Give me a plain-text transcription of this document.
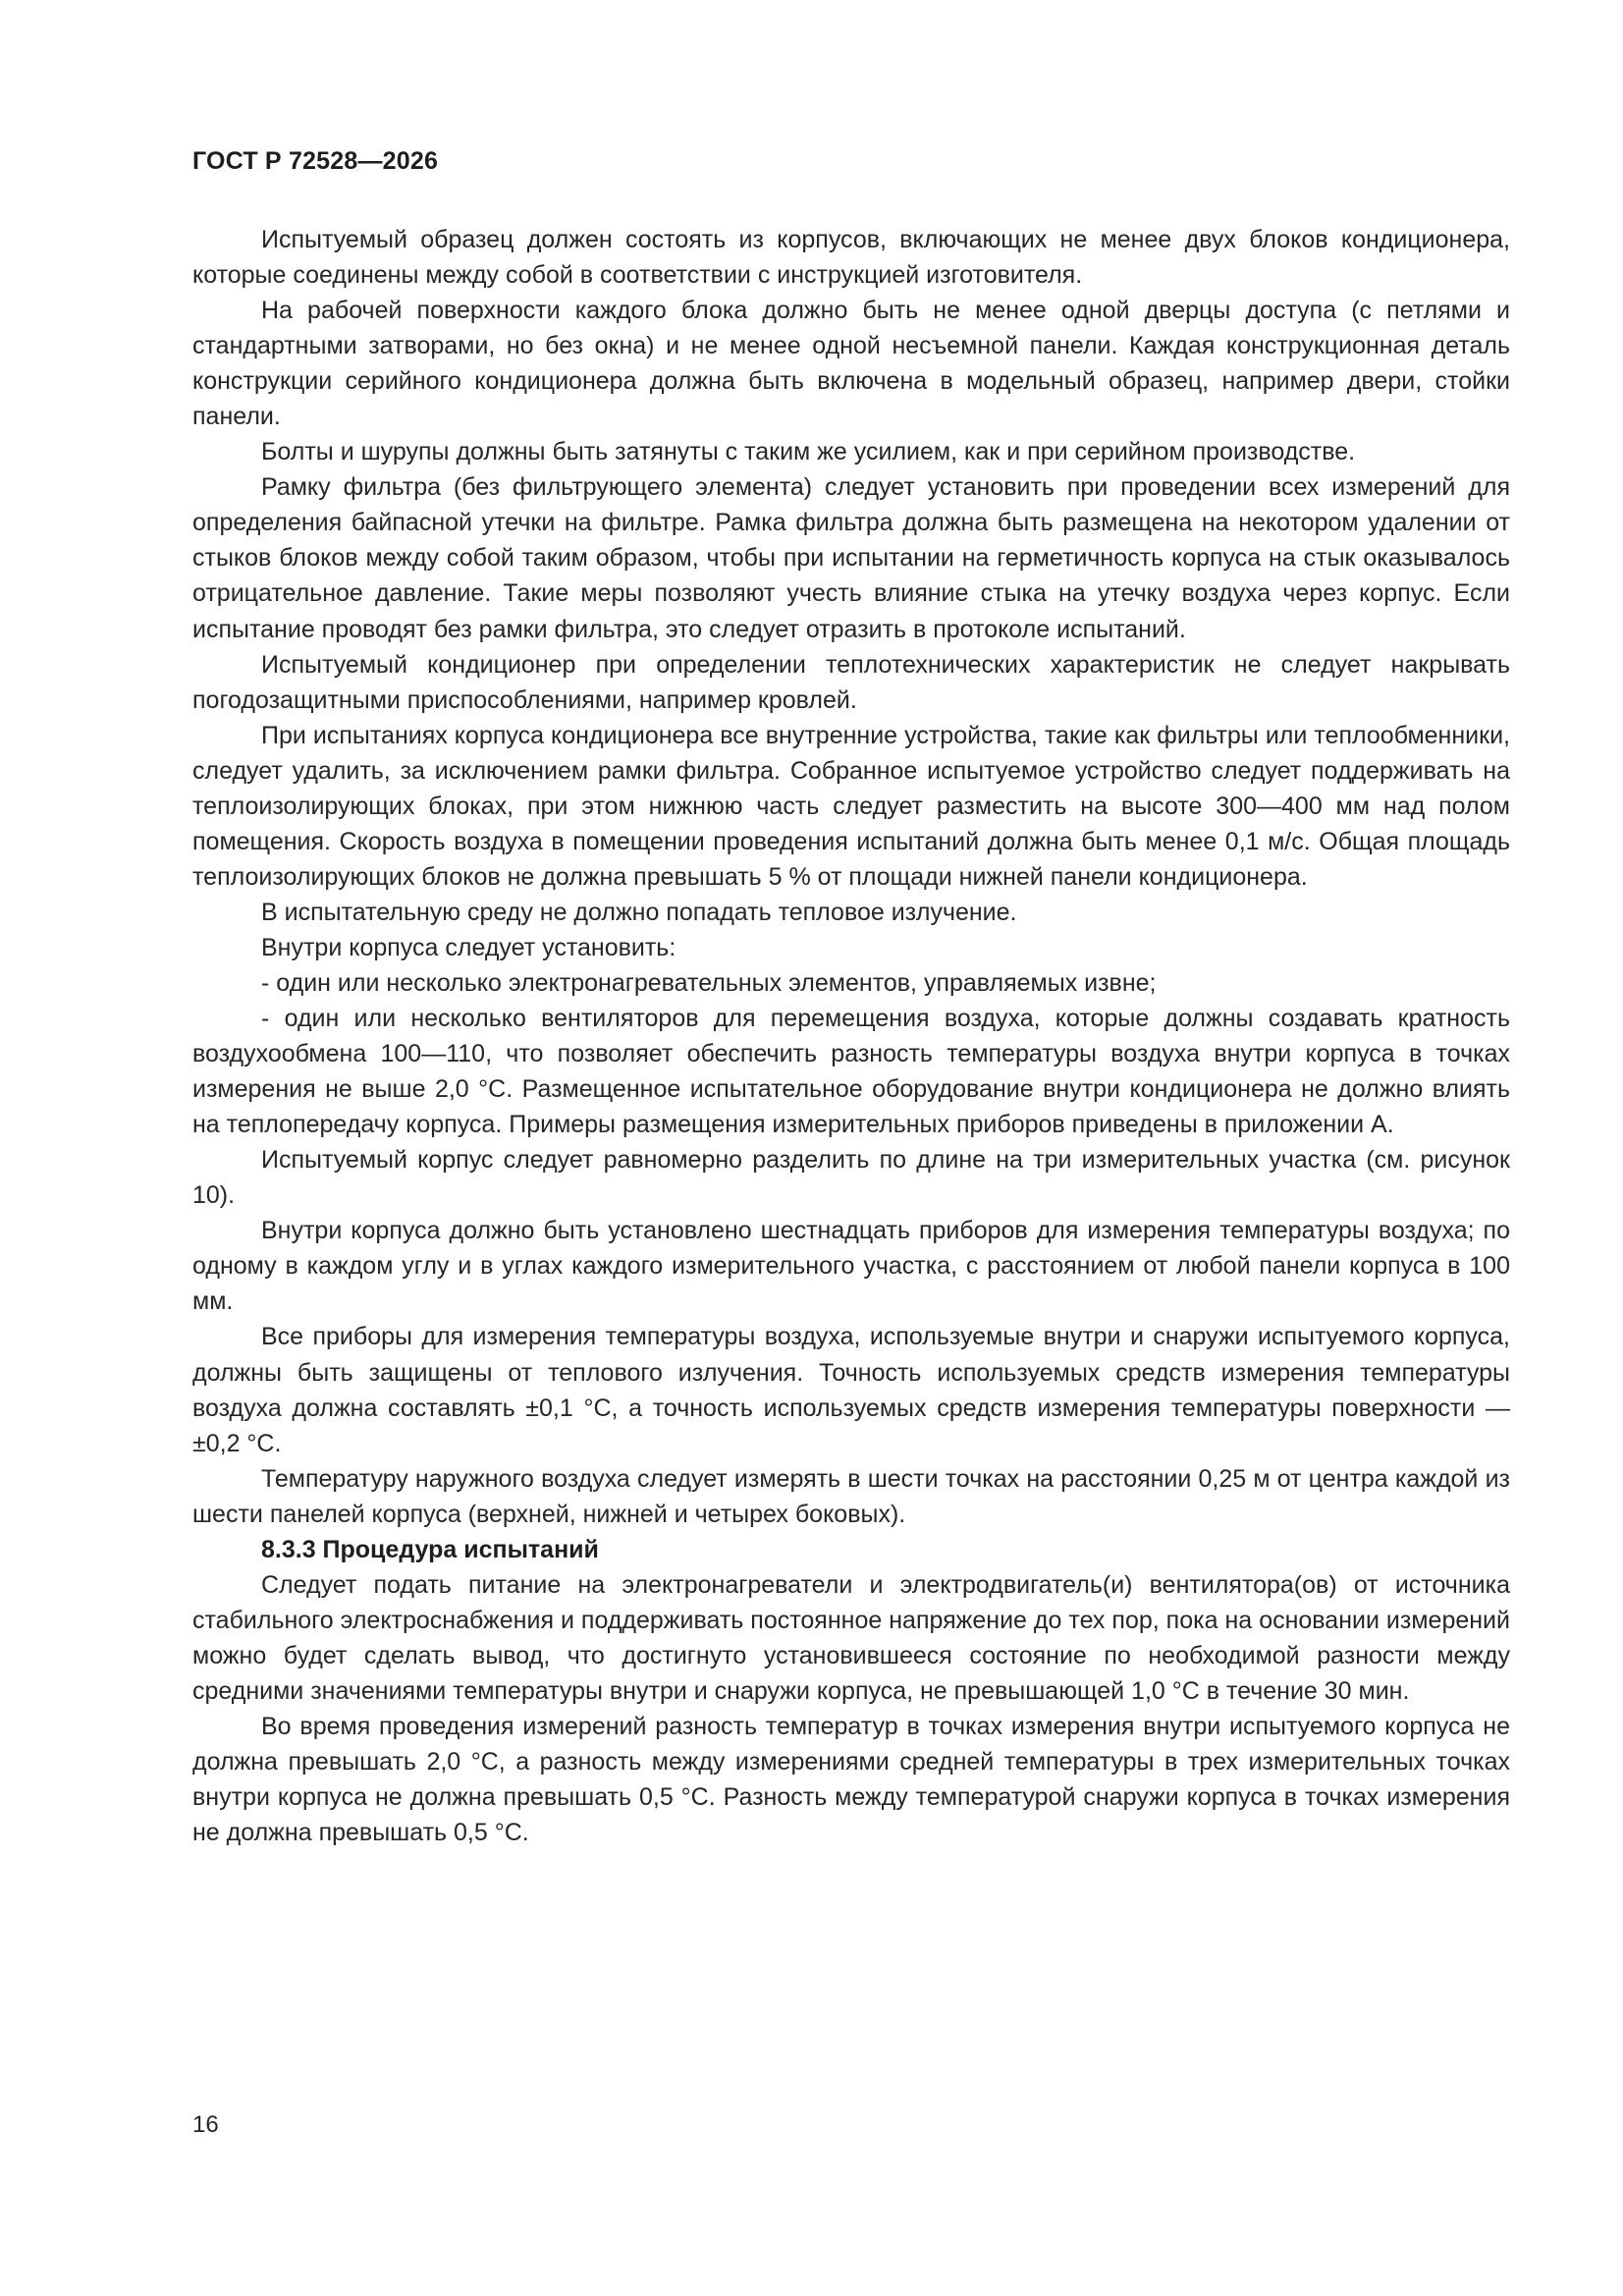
ГОСТ Р 72528—2026

Испытуемый образец должен состоять из корпусов, включающих не менее двух блоков кондиционера, которые соединены между собой в соответствии с инструкцией изготовителя.

На рабочей поверхности каждого блока должно быть не менее одной дверцы доступа (с петлями и стандартными затворами, но без окна) и не менее одной несъемной панели. Каждая конструкционная деталь конструкции серийного кондиционера должна быть включена в модельный образец, например двери, стойки панели.

Болты и шурупы должны быть затянуты с таким же усилием, как и при серийном производстве.

Рамку фильтра (без фильтрующего элемента) следует установить при проведении всех измерений для определения байпасной утечки на фильтре. Рамка фильтра должна быть размещена на некотором удалении от стыков блоков между собой таким образом, чтобы при испытании на герметичность корпуса на стык оказывалось отрицательное давление. Такие меры позволяют учесть влияние стыка на утечку воздуха через корпус. Если испытание проводят без рамки фильтра, это следует отразить в протоколе испытаний.

Испытуемый кондиционер при определении теплотехнических характеристик не следует накрывать погодозащитными приспособлениями, например кровлей.

При испытаниях корпуса кондиционера все внутренние устройства, такие как фильтры или теплообменники, следует удалить, за исключением рамки фильтра. Собранное испытуемое устройство следует поддерживать на теплоизолирующих блоках, при этом нижнюю часть следует разместить на высоте 300—400 мм над полом помещения. Скорость воздуха в помещении проведения испытаний должна быть менее 0,1 м/с. Общая площадь теплоизолирующих блоков не должна превышать 5 % от площади нижней панели кондиционера.

В испытательную среду не должно попадать тепловое излучение.

Внутри корпуса следует установить:

- один или несколько электронагревательных элементов, управляемых извне;

- один или несколько вентиляторов для перемещения воздуха, которые должны создавать кратность воздухообмена 100—110, что позволяет обеспечить разность температуры воздуха внутри корпуса в точках измерения не выше 2,0 °С. Размещенное испытательное оборудование внутри кондиционера не должно влиять на теплопередачу корпуса. Примеры размещения измерительных приборов приведены в приложении А.

Испытуемый корпус следует равномерно разделить по длине на три измерительных участка (см. рисунок 10).

Внутри корпуса должно быть установлено шестнадцать приборов для измерения температуры воздуха; по одному в каждом углу и в углах каждого измерительного участка, с расстоянием от любой панели корпуса в 100 мм.

Все приборы для измерения температуры воздуха, используемые внутри и снаружи испытуемого корпуса, должны быть защищены от теплового излучения. Точность используемых средств измерения температуры воздуха должна составлять ±0,1 °С, а точность используемых средств измерения температуры поверхности — ±0,2 °С.

Температуру наружного воздуха следует измерять в шести точках на расстоянии 0,25 м от центра каждой из шести панелей корпуса (верхней, нижней и четырех боковых).

8.3.3 Процедура испытаний

Следует подать питание на электронагреватели и электродвигатель(и) вентилятора(ов) от источника стабильного электроснабжения и поддерживать постоянное напряжение до тех пор, пока на основании измерений можно будет сделать вывод, что достигнуто установившееся состояние по необходимой разности между средними значениями температуры внутри и снаружи корпуса, не превышающей 1,0 °С в течение 30 мин.

Во время проведения измерений разность температур в точках измерения внутри испытуемого корпуса не должна превышать 2,0 °С, а разность между измерениями средней температуры в трех измерительных точках внутри корпуса не должна превышать 0,5 °С. Разность между температурой снаружи корпуса в точках измерения не должна превышать 0,5 °С.

16
